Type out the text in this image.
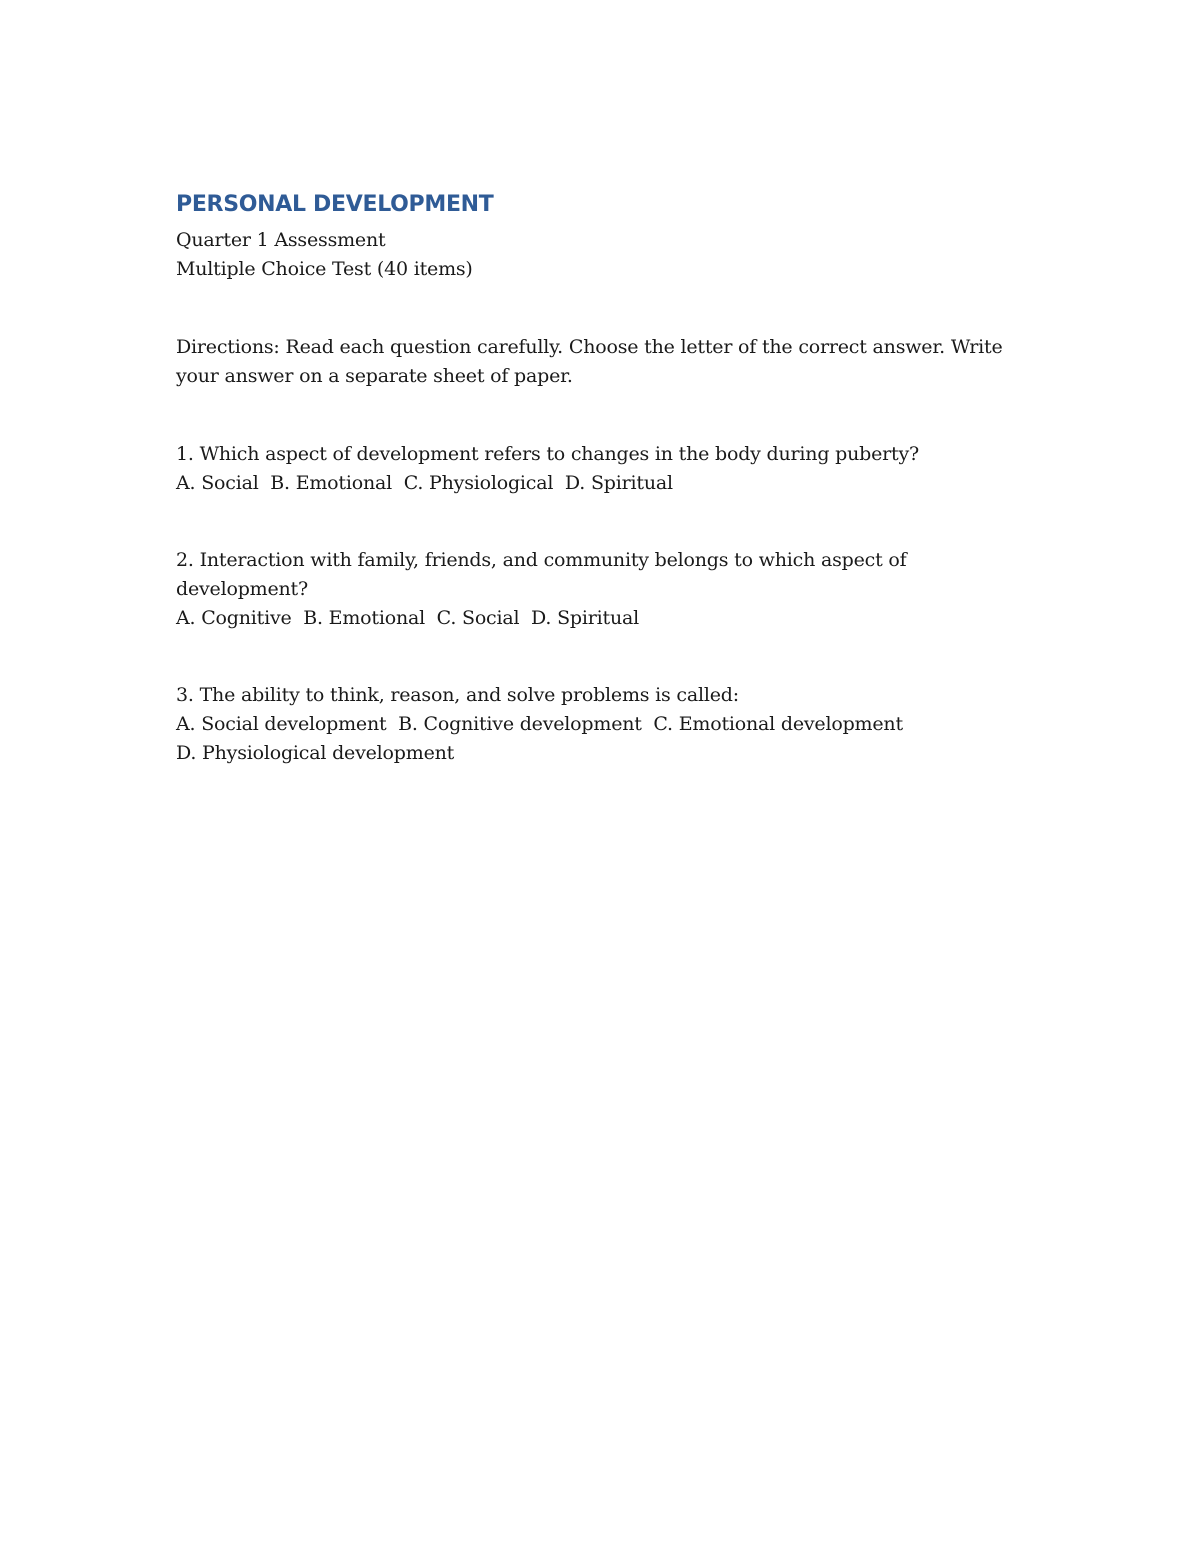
PERSONAL DEVELOPMENT
Quarter 1 Assessment
Multiple Choice Test (40 items)
Directions: Read each question carefully. Choose the letter of the correct answer. Write your answer on a separate sheet of paper.
1. Which aspect of development refers to changes in the body during puberty?
A. Social  B. Emotional  C. Physiological  D. Spiritual
2. Interaction with family, friends, and community belongs to which aspect of development?
A. Cognitive  B. Emotional  C. Social  D. Spiritual
3. The ability to think, reason, and solve problems is called:
A. Social development  B. Cognitive development  C. Emotional development  D. Physiological development
